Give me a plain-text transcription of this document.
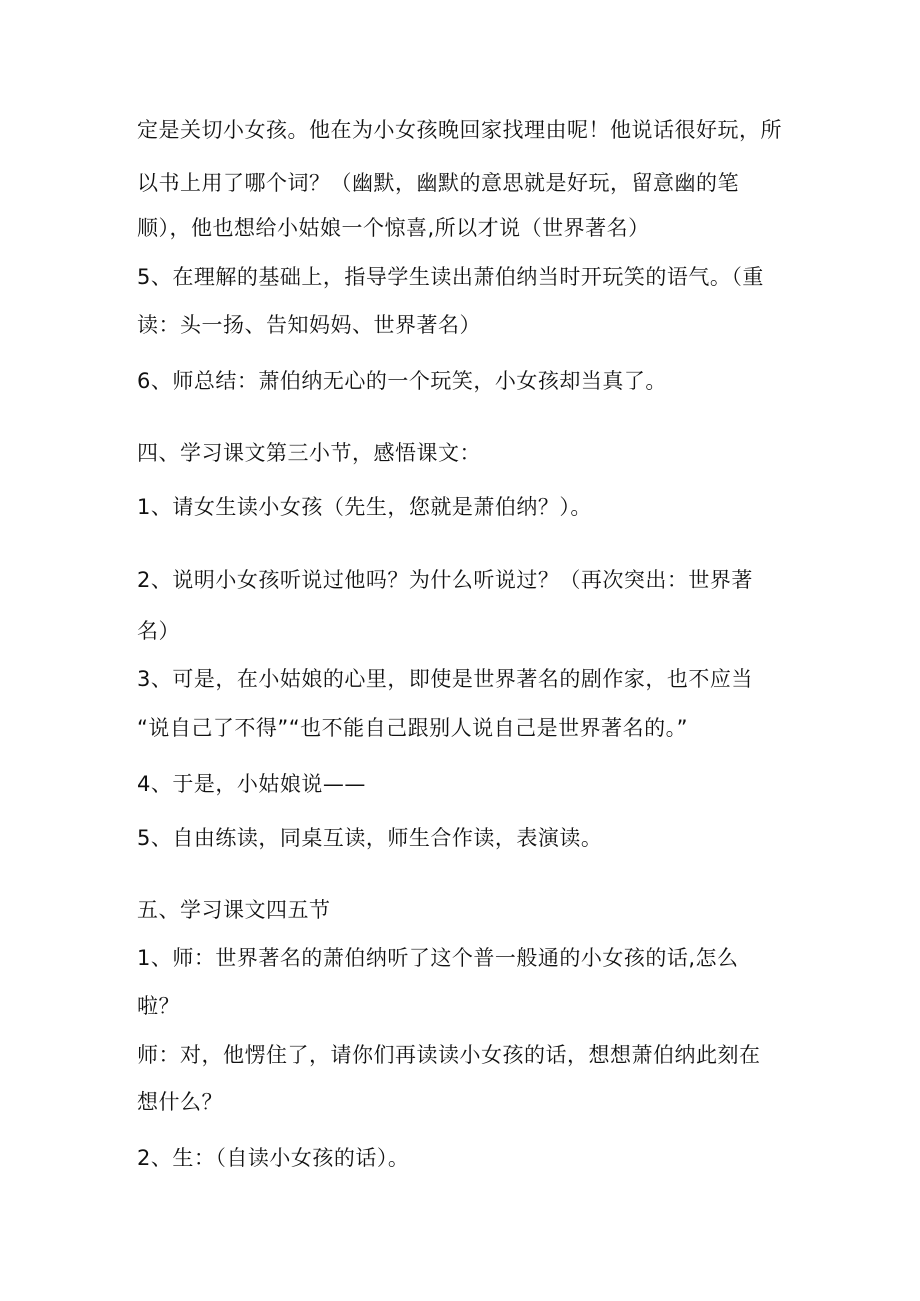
定是关切小女孩。他在为小女孩晚回家找理由呢！他说话很好玩，所
以书上用了哪个词？（幽默，幽默的意思就是好玩，留意幽的笔
顺），他也想给小姑娘一个惊喜,所以才说（世界著名）
5、在理解的基础上，指导学生读出萧伯纳当时开玩笑的语气。（重
读：头一扬、告知妈妈、世界著名）
6、师总结：萧伯纳无心的一个玩笑，小女孩却当真了。
四、学习课文第三小节，感悟课文：
1、请女生读小女孩（先生，您就是萧伯纳？）。
2、说明小女孩听说过他吗？为什么听说过？（再次突出：世界著
名）
3、可是，在小姑娘的心里，即使是世界著名的剧作家，也不应当
“说自己了不得”“也不能自己跟别人说自己是世界著名的。”
4、于是，小姑娘说——
5、自由练读，同桌互读，师生合作读，表演读。
五、学习课文四五节
1、师：世界著名的萧伯纳听了这个普一般通的小女孩的话,怎么
啦？
师：对，他愣住了，请你们再读读小女孩的话，想想萧伯纳此刻在
想什么？
2、生：（自读小女孩的话）。
